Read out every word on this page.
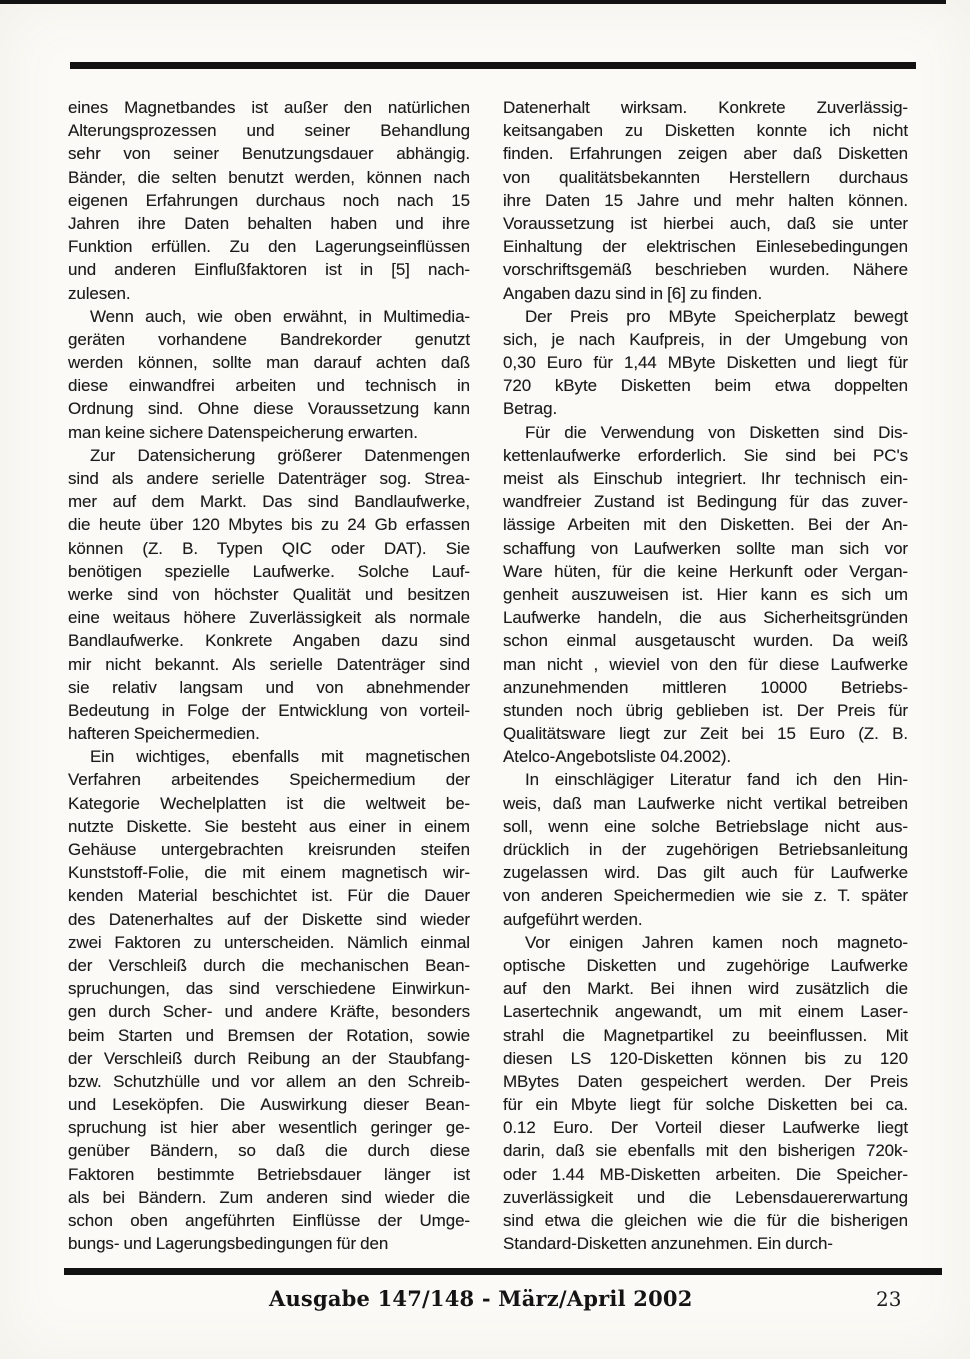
eines Magnetbandes ist außer den natürlichen
Alterungsprozessen und seiner Behandlung
sehr von seiner Benutzungsdauer abhängig.
Bänder, die selten benutzt werden, können nach
eigenen Erfahrungen durchaus noch nach 15
Jahren ihre Daten behalten haben und ihre
Funktion erfüllen. Zu den Lagerungseinflüssen
und anderen Einflußfaktoren ist in [5] nach-
zulesen.
Wenn auch, wie oben erwähnt, in Multimedia-
geräten vorhandene Bandrekorder genutzt
werden können, sollte man darauf achten daß
diese einwandfrei arbeiten und technisch in
Ordnung sind. Ohne diese Voraussetzung kann
man keine sichere Datenspeicherung erwarten.
Zur Datensicherung größerer Datenmengen
sind als andere serielle Datenträger sog. Strea-
mer auf dem Markt. Das sind Bandlaufwerke,
die heute über 120 Mbytes bis zu 24 Gb erfassen
können (Z. B. Typen QIC oder DAT). Sie
benötigen spezielle Laufwerke. Solche Lauf-
werke sind von höchster Qualität und besitzen
eine weitaus höhere Zuverlässigkeit als normale
Bandlaufwerke. Konkrete Angaben dazu sind
mir nicht bekannt. Als serielle Datenträger sind
sie relativ langsam und von abnehmender
Bedeutung in Folge der Entwicklung von vorteil-
hafteren Speichermedien.
Ein wichtiges, ebenfalls mit magnetischen
Verfahren arbeitendes Speichermedium der
Kategorie Wechelplatten ist die weltweit be-
nutzte Diskette. Sie besteht aus einer in einem
Gehäuse untergebrachten kreisrunden steifen
Kunststoff-Folie, die mit einem magnetisch wir-
kenden Material beschichtet ist. Für die Dauer
des Datenerhaltes auf der Diskette sind wieder
zwei Faktoren zu unterscheiden. Nämlich einmal
der Verschleiß durch die mechanischen Bean-
spruchungen, das sind verschiedene Einwirkun-
gen durch Scher- und andere Kräfte, besonders
beim Starten und Bremsen der Rotation, sowie
der Verschleiß durch Reibung an der Staubfang-
bzw. Schutzhülle und vor allem an den Schreib-
und Leseköpfen. Die Auswirkung dieser Bean-
spruchung ist hier aber wesentlich geringer ge-
genüber Bändern, so daß die durch diese
Faktoren bestimmte Betriebsdauer länger ist
als bei Bändern. Zum anderen sind wieder die
schon oben angeführten Einflüsse der Umge-
bungs- und Lagerungsbedingungen für den
Datenerhalt wirksam. Konkrete Zuverlässig-
keitsangaben zu Disketten konnte ich nicht
finden. Erfahrungen zeigen aber daß Disketten
von qualitätsbekannten Herstellern durchaus
ihre Daten 15 Jahre und mehr halten können.
Voraussetzung ist hierbei auch, daß sie unter
Einhaltung der elektrischen Einlesebedingungen
vorschriftsgemäß beschrieben wurden. Nähere
Angaben dazu sind in [6] zu finden.
Der Preis pro MByte Speicherplatz bewegt
sich, je nach Kaufpreis, in der Umgebung von
0,30 Euro für 1,44 MByte Disketten und liegt für
720 kByte Disketten beim etwa doppelten
Betrag.
Für die Verwendung von Disketten sind Dis-
kettenlaufwerke erforderlich. Sie sind bei PC's
meist als Einschub integriert. Ihr technisch ein-
wandfreier Zustand ist Bedingung für das zuver-
lässige Arbeiten mit den Disketten. Bei der An-
schaffung von Laufwerken sollte man sich vor
Ware hüten, für die keine Herkunft oder Vergan-
genheit auszuweisen ist. Hier kann es sich um
Laufwerke handeln, die aus Sicherheitsgründen
schon einmal ausgetauscht wurden. Da weiß
man nicht , wieviel von den für diese Laufwerke
anzunehmenden mittleren 10000 Betriebs-
stunden noch übrig geblieben ist. Der Preis für
Qualitätsware liegt zur Zeit bei 15 Euro (Z. B.
Atelco-Angebotsliste 04.2002).
In einschlägiger Literatur fand ich den Hin-
weis, daß man Laufwerke nicht vertikal betreiben
soll, wenn eine solche Betriebslage nicht aus-
drücklich in der zugehörigen Betriebsanleitung
zugelassen wird. Das gilt auch für Laufwerke
von anderen Speichermedien wie sie z. T. später
aufgeführt werden.
Vor einigen Jahren kamen noch magneto-
optische Disketten und zugehörige Laufwerke
auf den Markt. Bei ihnen wird zusätzlich die
Lasertechnik angewandt, um mit einem Laser-
strahl die Magnetpartikel zu beeinflussen. Mit
diesen LS 120-Disketten können bis zu 120
MBytes Daten gespeichert werden. Der Preis
für ein Mbyte liegt für solche Disketten bei ca.
0.12 Euro. Der Vorteil dieser Laufwerke liegt
darin, daß sie ebenfalls mit den bisherigen 720k-
oder 1.44 MB-Disketten arbeiten. Die Speicher-
zuverlässigkeit und die Lebensdauererwartung
sind etwa die gleichen wie die für die bisherigen
Standard-Disketten anzunehmen. Ein durch-
Ausgabe 147/148 - März/April 2002	23
